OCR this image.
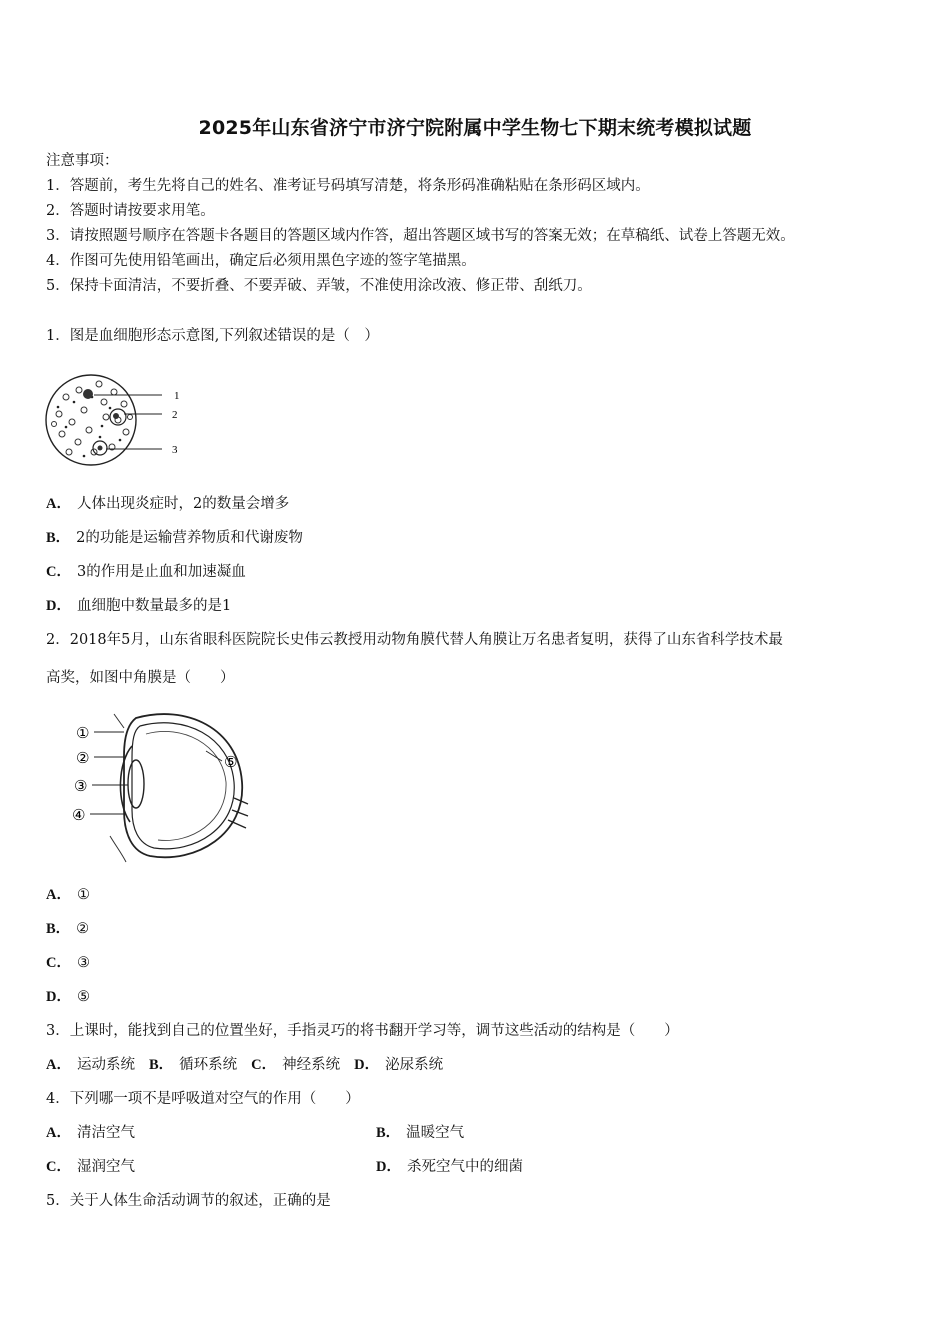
2025年山东省济宁市济宁院附属中学生物七下期末统考模拟试题
注意事项：
1．答题前，考生先将自己的姓名、准考证号码填写清楚，将条形码准确粘贴在条形码区域内。
2．答题时请按要求用笔。
3．请按照题号顺序在答题卡各题目的答题区域内作答，超出答题区域书写的答案无效；在草稿纸、试卷上答题无效。
4．作图可先使用铅笔画出，确定后必须用黑色字迹的签字笔描黑。
5．保持卡面清洁，不要折叠、不要弄破、弄皱，不准使用涂改液、修正带、刮纸刀。
1．图是血细胞形态示意图,下列叙述错误的是（　）
1
2
3
A． 人体出现炎症时，2的数量会增多
B． 2的功能是运输营养物质和代谢废物
C． 3的作用是止血和加速凝血
D． 血细胞中数量最多的是1
2．2018年5月，山东省眼科医院院长史伟云教授用动物角膜代替人角膜让万名患者复明，获得了山东省科学技术最
高奖，如图中角膜是（　　）
①
②
③
④
⑤
A． ①
B． ②
C． ③
D． ⑤
3．上课时，能找到自己的位置坐好，手指灵巧的将书翻开学习等，调节这些活动的结构是（　　）
A． 运动系统 B． 循环系统 C． 神经系统 D． 泌尿系统
4．下列哪一项不是呼吸道对空气的作用（　　）
A． 清洁空气	B． 温暖空气
C． 湿润空气	D． 杀死空气中的细菌
5．关于人体生命活动调节的叙述，正确的是
